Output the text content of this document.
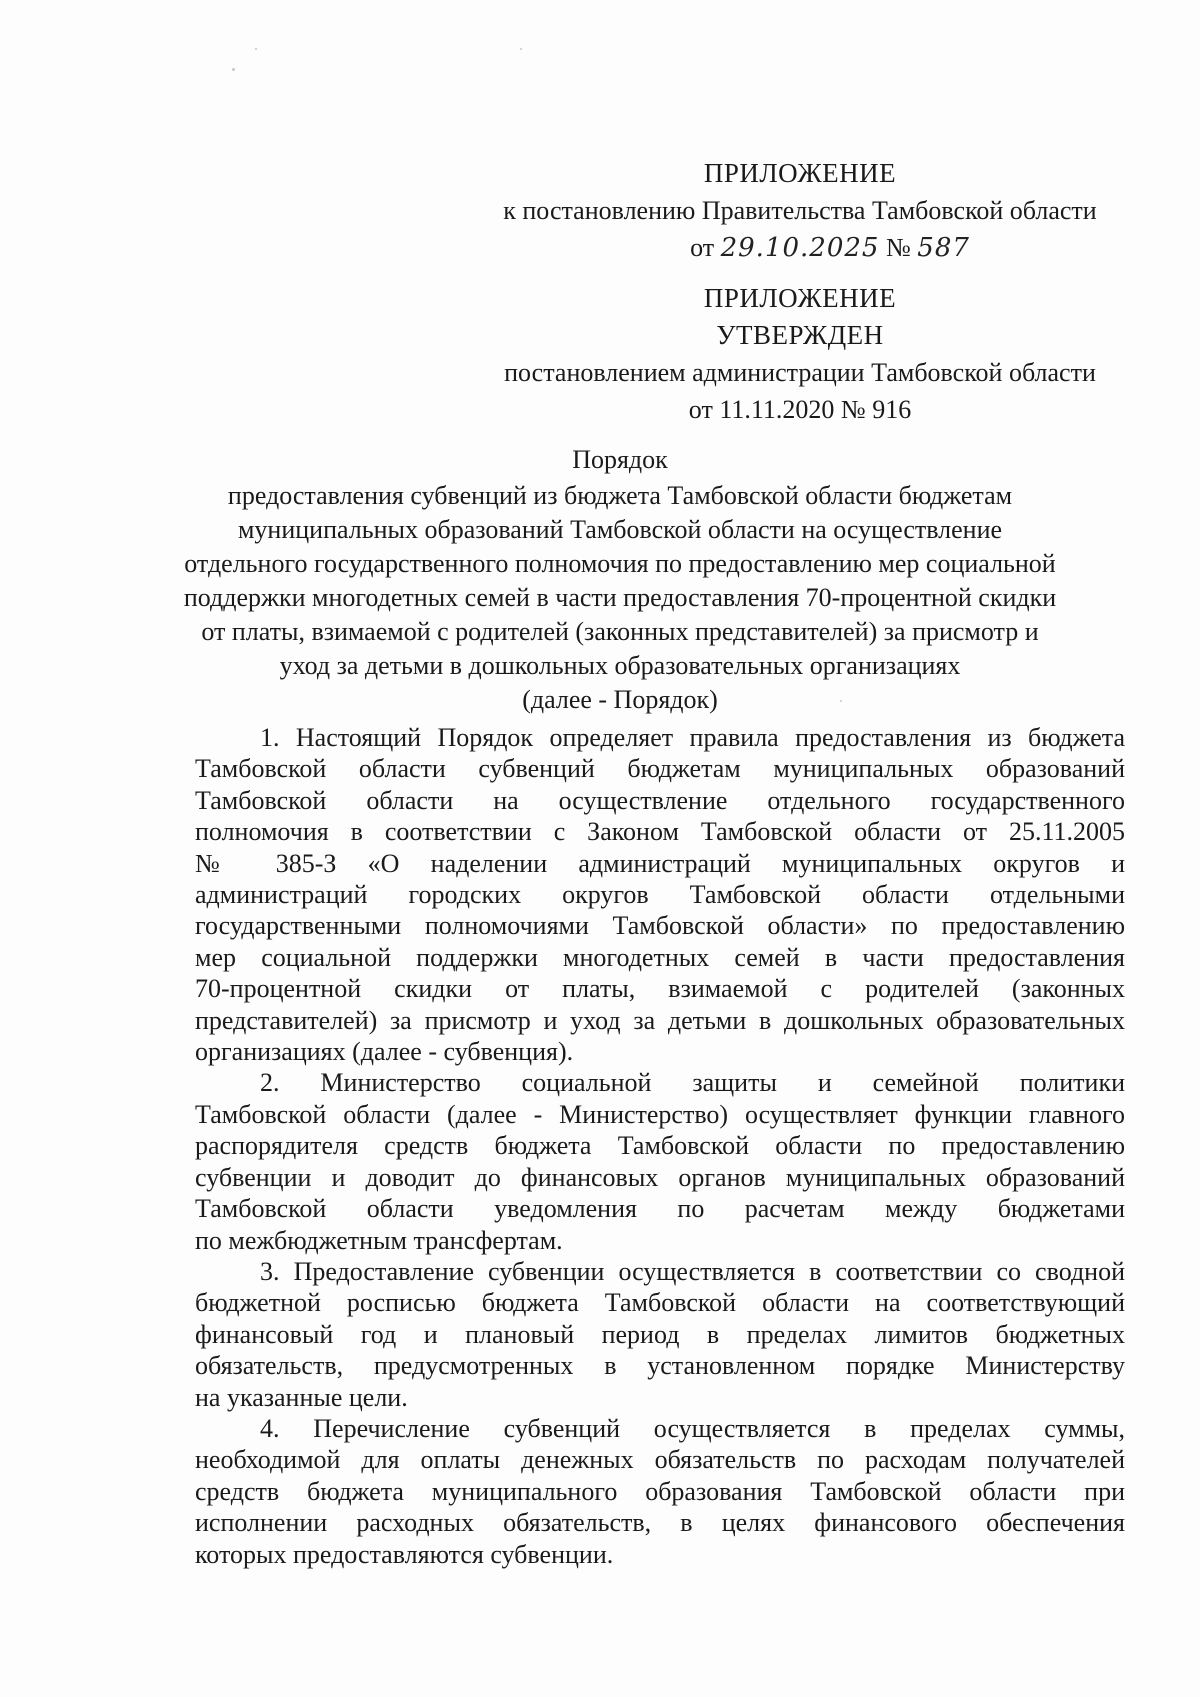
ПРИЛОЖЕНИЕ
к постановлению Правительства Тамбовской области
от 29.10.2025 № 587
ПРИЛОЖЕНИЕ
УТВЕРЖДЕН
постановлением администрации Тамбовской области
от 11.11.2020 № 916
Порядок
предоставления субвенций из бюджета Тамбовской области бюджетам
муниципальных образований Тамбовской области на осуществление
отдельного государственного полномочия по предоставлению мер социальной
поддержки многодетных семей в части предоставления 70-процентной скидки
от платы, взимаемой с родителей (законных представителей) за присмотр и
уход за детьми в дошкольных образовательных организациях
(далее - Порядок)
1. Настоящий Порядок определяет правила предоставления из бюджета
Тамбовской области субвенций бюджетам муниципальных образований
Тамбовской области на осуществление отдельного государственного
полномочия в соответствии с Законом Тамбовской области от 25.11.2005
№ 385-З «О наделении администраций муниципальных округов и
администраций городских округов Тамбовской области отдельными
государственными полномочиями Тамбовской области» по предоставлению
мер социальной поддержки многодетных семей в части предоставления
70-процентной скидки от платы, взимаемой с родителей (законных
представителей) за присмотр и уход за детьми в дошкольных образовательных
организациях (далее - субвенция).
2. Министерство социальной защиты и семейной политики
Тамбовской области (далее - Министерство) осуществляет функции главного
распорядителя средств бюджета Тамбовской области по предоставлению
субвенции и доводит до финансовых органов муниципальных образований
Тамбовской области уведомления по расчетам между бюджетами
по межбюджетным трансфертам.
3. Предоставление субвенции осуществляется в соответствии со сводной
бюджетной росписью бюджета Тамбовской области на соответствующий
финансовый год и плановый период в пределах лимитов бюджетных
обязательств, предусмотренных в установленном порядке Министерству
на указанные цели.
4. Перечисление субвенций осуществляется в пределах суммы,
необходимой для оплаты денежных обязательств по расходам получателей
средств бюджета муниципального образования Тамбовской области при
исполнении расходных обязательств, в целях финансового обеспечения
которых предоставляются субвенции.
